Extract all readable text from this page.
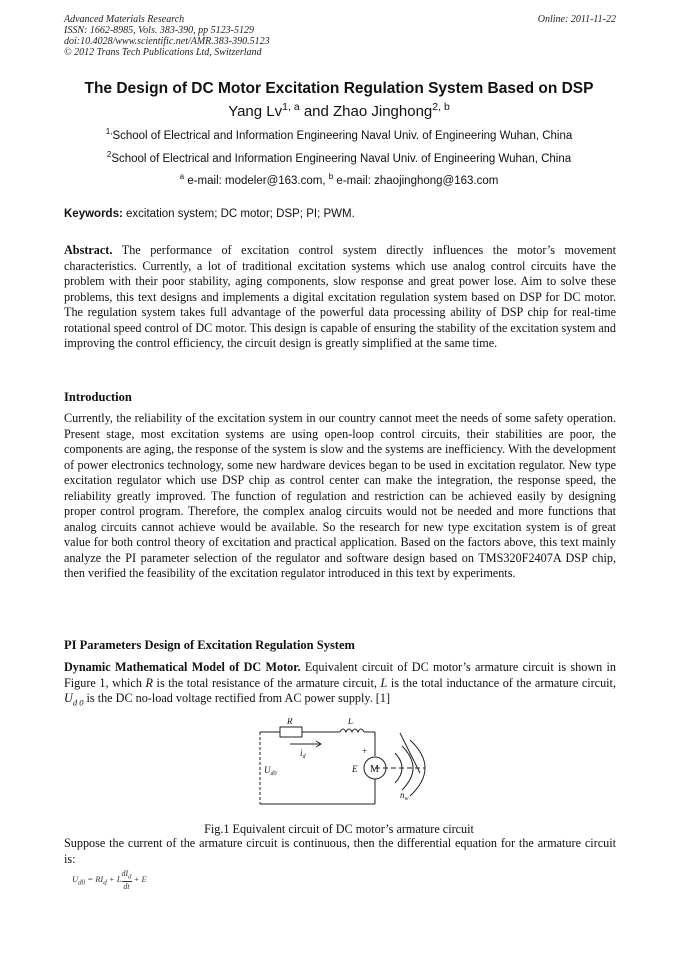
Advanced Materials Research
ISSN: 1662-8985, Vols. 383-390, pp 5123-5129
doi:10.4028/www.scientific.net/AMR.383-390.5123
© 2012 Trans Tech Publications Ltd, Switzerland
Online: 2011-11-22
The Design of DC Motor Excitation Regulation System Based on DSP
Yang Lv$^{1, a}$ and Zhao Jinghong$^{2, b}$
$^{1,}$School of Electrical and Information Engineering Naval Univ. of Engineering Wuhan, China
$^2$School of Electrical and Information Engineering Naval Univ. of Engineering Wuhan, China
$^a$ e-mail: modeler@163.com, $^b$ e-mail: zhaojinghong@163.com
Keywords: excitation system; DC motor; DSP; PI; PWM.
Abstract. The performance of excitation control system directly influences the motor’s movement characteristics. Currently, a lot of traditional excitation systems which use analog control circuits have the problem with their poor stability, aging components, slow response and great power lose. Aim to solve these problems, this text designs and implements a digital excitation regulation system based on DSP for DC motor. The regulation system takes full advantage of the powerful data processing ability of DSP chip for real-time rotational speed control of DC motor. This design is capable of ensuring the stability of the excitation system and improving the control efficiency, the circuit design is greatly simplified at the same time.
Introduction
Currently, the reliability of the excitation system in our country cannot meet the needs of some safety operation. Present stage, most excitation systems are using open-loop control circuits, their stabilities are poor, the components are aging, the response of the system is slow and the systems are inefficiency. With the development of power electronics technology, some new hardware devices began to be used in excitation regulator. New type excitation regulator which use DSP chip as control center can make the integration, the response speed, the reliability greatly improved. The function of regulation and restriction can be achieved easily by designing proper control program. Therefore, the complex analog circuits would not be needed and more functions that analog circuits cannot achieve would be available. So the research for new type excitation system is of great value for both control theory of excitation and practical application. Based on the factors above, this text mainly analyze the PI parameter selection of the regulator and software design based on TMS320F2407A DSP chip, then verified the feasibility of the excitation regulator introduced in this text by experiments.
PI Parameters Design of Excitation Regulation System
Dynamic Mathematical Model of DC Motor. Equivalent circuit of DC motor’s armature circuit is shown in Figure 1, which R is the total resistance of the armature circuit, L is the total inductance of the armature circuit, $U_{d 0}$ is the DC no-load voltage rectified from AC power supply. [1]
R	L
$i_d$
$U_{d0}$	E M
+
$n_w$
Fig.1 Equivalent circuit of DC motor’s armature circuit
Suppose the current of the armature circuit is continuous, then the differential equation for the armature circuit is:
$U_{d0} = RI_d + L$
$dI_d$
dt
+ E
